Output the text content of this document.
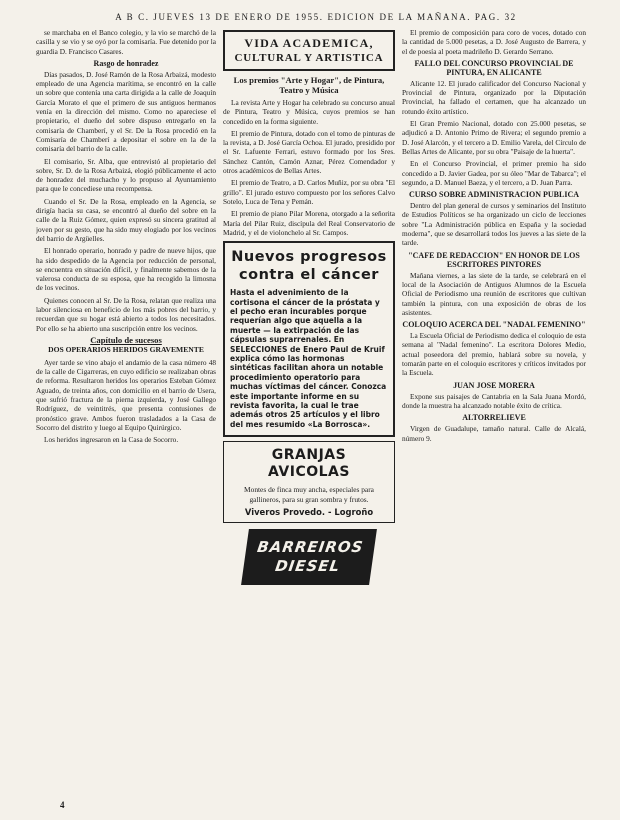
A B C. JUEVES 13 DE ENERO DE 1955. EDICION DE LA MAÑANA. PAG. 32

se marchaba en el Banco colegio, y la vio se marchó de la casilla y se vio y se oyó por la comisaría. Fue detenido por la guardia D. Francisco Casares.

Rasgo de honradez

Días pasados, D. José Ramón de la Rosa Arbaizá, modesto empleado de una Agencia marítima, se encontró en la calle un sobre que contenía una carta dirigida a la calle de Joaquín García Morato el que el primero de sus antiguos hermanos venía en la dirección del mismo. Como no apareciese el propietario, el dueño del sobre dispuso entregarlo en la comisaría de Chamberí, y el Sr. De la Rosa procedió en la Comisaría de Chamberí a depositar el sobre en la de la comisaría del barrio de la calle.

El comisario, Sr. Alba, que entrevistó al propietario del sobre, Sr. D. de la Rosa Arbaizá, elogió públicamente el acto de honradez del muchacho y lo propuso al Ayuntamiento para que le concediese una recompensa.

Cuando el Sr. De la Rosa, empleado en la Agencia, se dirigía hacia su casa, se encontró al dueño del sobre en la calle de la Ruiz Gómez, quien expresó su sincera gratitud al joven por su gesto, que ha sido muy elogiado por los vecinos del barrio de Argüelles.

El honrado operario, honrado y padre de nueve hijos, que ha sido despedido de la Agencia por reducción de personal, se encuentra en situación difícil, y finalmente sabemos de la valerosa conducta de su esposa, que ha recogido la limosna de los vecinos.

Quienes conocen al Sr. De la Rosa, relatan que realiza una labor silenciosa en beneficio de los más pobres del barrio, y recuerdan que su hogar está abierto a todos los necesitados. Por ello se ha abierto una suscripción entre los vecinos.

Capítulo de sucesos
DOS OPERARIOS HERIDOS GRAVEMENTE

Ayer tarde se vino abajo el andamio de la casa número 48 de la calle de Cigarreras, en cuyo edificio se realizaban obras de reforma. Resultaron heridos los operarios Esteban Gómez Aguado, de treinta años, con domicilio en el barrio de Usera, que sufrió fractura de la pierna izquierda, y José Gallego Rodríguez, de veintitrés, que presenta contusiones de pronóstico grave. Ambos fueron trasladados a la Casa de Socorro del distrito y luego al Equipo Quirúrgico.

Los heridos ingresaron en la Casa de Socorro.

VIDA ACADEMICA,
CULTURAL Y ARTISTICA
Los premios "Arte y Hogar", de Pintura, Teatro y Música

La revista Arte y Hogar ha celebrado su concurso anual de Pintura, Teatro y Música, cuyos premios se han concedido en la forma siguiente.

El premio de Pintura, dotado con el tomo de pinturas de la revista, a D. José García Ochoa. El jurado, presidido por el Sr. Lafuente Ferrari, estuvo formado por los Sres. Sánchez Cantón, Camón Aznar, Pérez Comendador y otros académicos de Bellas Artes.

El premio de Teatro, a D. Carlos Muñiz, por su obra "El grillo". El jurado estuvo compuesto por los señores Calvo Sotelo, Luca de Tena y Pemán.

El premio de piano Pilar Morena, otorgado a la señorita María del Pilar Ruiz, discípula del Real Conservatorio de Madrid, y el de violonchelo al Sr. Campos.

Nuevos progresos
contra el cáncer
Hasta el advenimiento de la cortisona el cáncer de la próstata y el pecho eran incurables porque requerían algo que aquella a la muerte — la extirpación de las cápsulas suprarrenales. En SELECCIONES de Enero Paul de Kruif explica cómo las hormonas sintéticas facilitan ahora un notable procedimiento operatorio para muchas víctimas del cáncer. Conozca este importante informe en su revista favorita, la cual le trae además otros 25 artículos y el libro del mes resumido «La Borrosca».
GRANJAS AVICOLAS
Montes de finca muy ancha, especiales para gallineros, para su gran sombra y frutos.
Viveros Provedo. - Logroño
BARREIROS
DIESEL

El premio de composición para coro de voces, dotado con la cantidad de 5.000 pesetas, a D. José Augusto de Barrera, y el de poesía al poeta madrileño D. Gerardo Serrano.

FALLO DEL CONCURSO PROVINCIAL DE PINTURA, EN ALICANTE

Alicante 12. El jurado calificador del Concurso Nacional y Provincial de Pintura, organizado por la Diputación Provincial, ha fallado el certamen, que ha alcanzado un rotundo éxito artístico.

El Gran Premio Nacional, dotado con 25.000 pesetas, se adjudicó a D. Antonio Primo de Rivera; el segundo premio a D. José Alarcón, y el tercero a D. Emilio Varela, del Círculo de Bellas Artes de Alicante, por su obra "Paisaje de la huerta".

En el Concurso Provincial, el primer premio ha sido concedido a D. Javier Gadea, por su óleo "Mar de Tabarca"; el segundo, a D. Manuel Baeza, y el tercero, a D. Juan Parra.

CURSO SOBRE ADMINISTRACION PUBLICA

Dentro del plan general de cursos y seminarios del Instituto de Estudios Políticos se ha organizado un ciclo de lecciones sobre "La Administración pública en España y la sociedad moderna", que se desarrollará todos los jueves a las siete de la tarde.

"CAFE DE REDACCION" EN HONOR DE LOS ESCRITORES PINTORES

Mañana viernes, a las siete de la tarde, se celebrará en el local de la Asociación de Antiguos Alumnos de la Escuela Oficial de Periodismo una reunión de escritores que cultivan también la pintura, con una exposición de obras de los asistentes.

COLOQUIO ACERCA DEL "NADAL FEMENINO"

La Escuela Oficial de Periodismo dedica el coloquio de esta semana al "Nadal femenino". La escritora Dolores Medio, actual poseedora del premio, hablará sobre su novela, y tomarán parte en el coloquio escritores y críticos invitados por la Escuela.

JUAN JOSE MORERA

Expone sus paisajes de Cantabria en la Sala Juana Mordó, donde la muestra ha alcanzado notable éxito de crítica.

ALTORRELIEVE

Virgen de Guadalupe, tamaño natural. Calle de Alcalá, número 9.

4
